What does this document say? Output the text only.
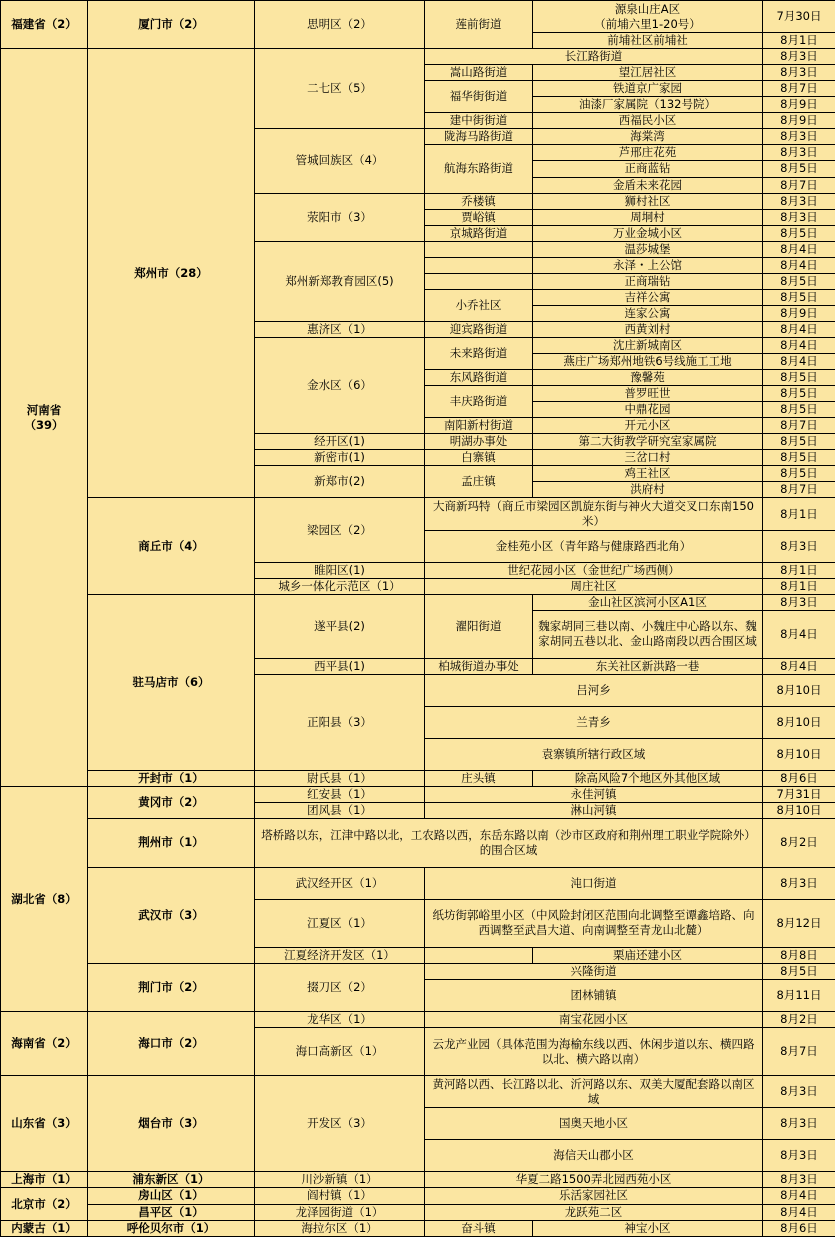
福建省（2）	厦门市（2）	思明区（2）	莲前街道	源泉山庄A区
（前埔六里1-20号）	7月30日

				前埔社区前埔社	8月1日
河南省
（39）	郑州市（28）	二七区（5）	长江路街道		8月3日
			嵩山路街道	望江居社区	8月3日
			福华街街道	铁道京广家园	8月7日
				油漆厂家属院（132号院）	8月9日
			建中街街道	西福民小区	8月9日
		管城回族区（4）	陇海马路街道	海棠湾	8月3日
			航海东路街道	芦邢庄花苑	8月3日
				正商蓝钻	8月5日
				金盾未来花园	8月7日
		荥阳市（3）	乔楼镇	狮村社区	8月3日
			贾峪镇	周垌村	8月3日
			京城路街道	万业金城小区	8月5日
		郑州新郑教育园区(5)		温莎城堡	8月4日
				永泽・上公馆	8月4日
				正商瑞钻	8月5日
			小乔社区	吉祥公寓	8月5日
				连家公寓	8月9日
		惠济区（1）	迎宾路街道	西黄刘村	8月4日
		金水区（6）	未来路街道	沈庄新城南区	8月4日
				燕庄广场郑州地铁6号线施工工地	8月4日
			东风路街道	豫馨苑	8月5日
			丰庆路街道	普罗旺世	8月5日
				中鼎花园	8月5日
			南阳新村街道	开元小区	8月7日
		经开区(1)	明湖办事处	第二大街教学研究室家属院	8月5日
		新密市(1)	白寨镇	三岔口村	8月5日
		新郑市(2)	孟庄镇	鸡王社区	8月5日
				洪府村	8月7日
	商丘市（4）	梁园区（2）	大商新玛特（商丘市梁园区凯旋东街与神火大道交叉口东南150米）		8月1日

			金桂苑小区（青年路与健康路西北角）		8月3日

		睢阳区(1)	世纪花园小区（金世纪广场西侧）		8月1日
		城乡一体化示范区（1）	周庄社区		8月1日
	驻马店市（6）	遂平县(2)	濯阳街道	金山社区滨河小区A1区	8月3日
				魏家胡同三巷以南、小魏庄中心路以东、魏家胡同五巷以北、金山路南段以西合围区域	8月4日

		西平县(1)	柏城街道办事处	东关社区新洪路一巷	8月4日
		正阳县（3）	吕河乡		8月10日

			兰青乡		8月10日

			袁寨镇所辖行政区域		8月10日

	开封市（1）	尉氏县（1）	庄头镇	除高风险7个地区外其他区域	8月6日
湖北省（8）	黄冈市（2）	红安县（1）	永佳河镇		7月31日
		团风县（1）	淋山河镇		8月10日
	荆州市（1）	塔桥路以东，江津中路以北，工农路以西，东岳东路以南（沙市区政府和荆州理工职业学院除外）的围合区域			8月2日

	武汉市（3）	武汉经开区（1）	沌口街道		8月3日

		江夏区（1）	纸坊街郭峪里小区（中风险封闭区范围向北调整至谭鑫培路、向西调整至武昌大道、向南调整至青龙山北麓）		8月12日

		江夏经济开发区（1）		栗庙还建小区	8月8日
	荆门市（2）	掇刀区（2）	兴隆街道		8月5日
			团林铺镇		8月11日

海南省（2）	海口市（2）	龙华区（1）	南宝花园小区		8月2日
		海口高新区（1）	云龙产业园（具体范围为海榆东线以西、休闲步道以东、横四路以北、横六路以南）		8月7日

山东省（3）	烟台市（3）	开发区（3）	黄河路以西、长江路以北、沂河路以东、双美大厦配套路以南区域		8月3日

			国奥天地小区		8月3日

			海信天山郡小区		8月3日

上海市（1）	浦东新区（1）	川沙新镇（1）	华夏二路1500弄北园西苑小区		8月3日
北京市（2）	房山区（1）	阎村镇（1）	乐活家园社区		8月4日
	昌平区（1）	龙泽园街道（1）	龙跃苑二区		8月4日
内蒙古（1）	呼伦贝尔市（1）	海拉尔区（1）	奋斗镇	神宝小区	8月6日
